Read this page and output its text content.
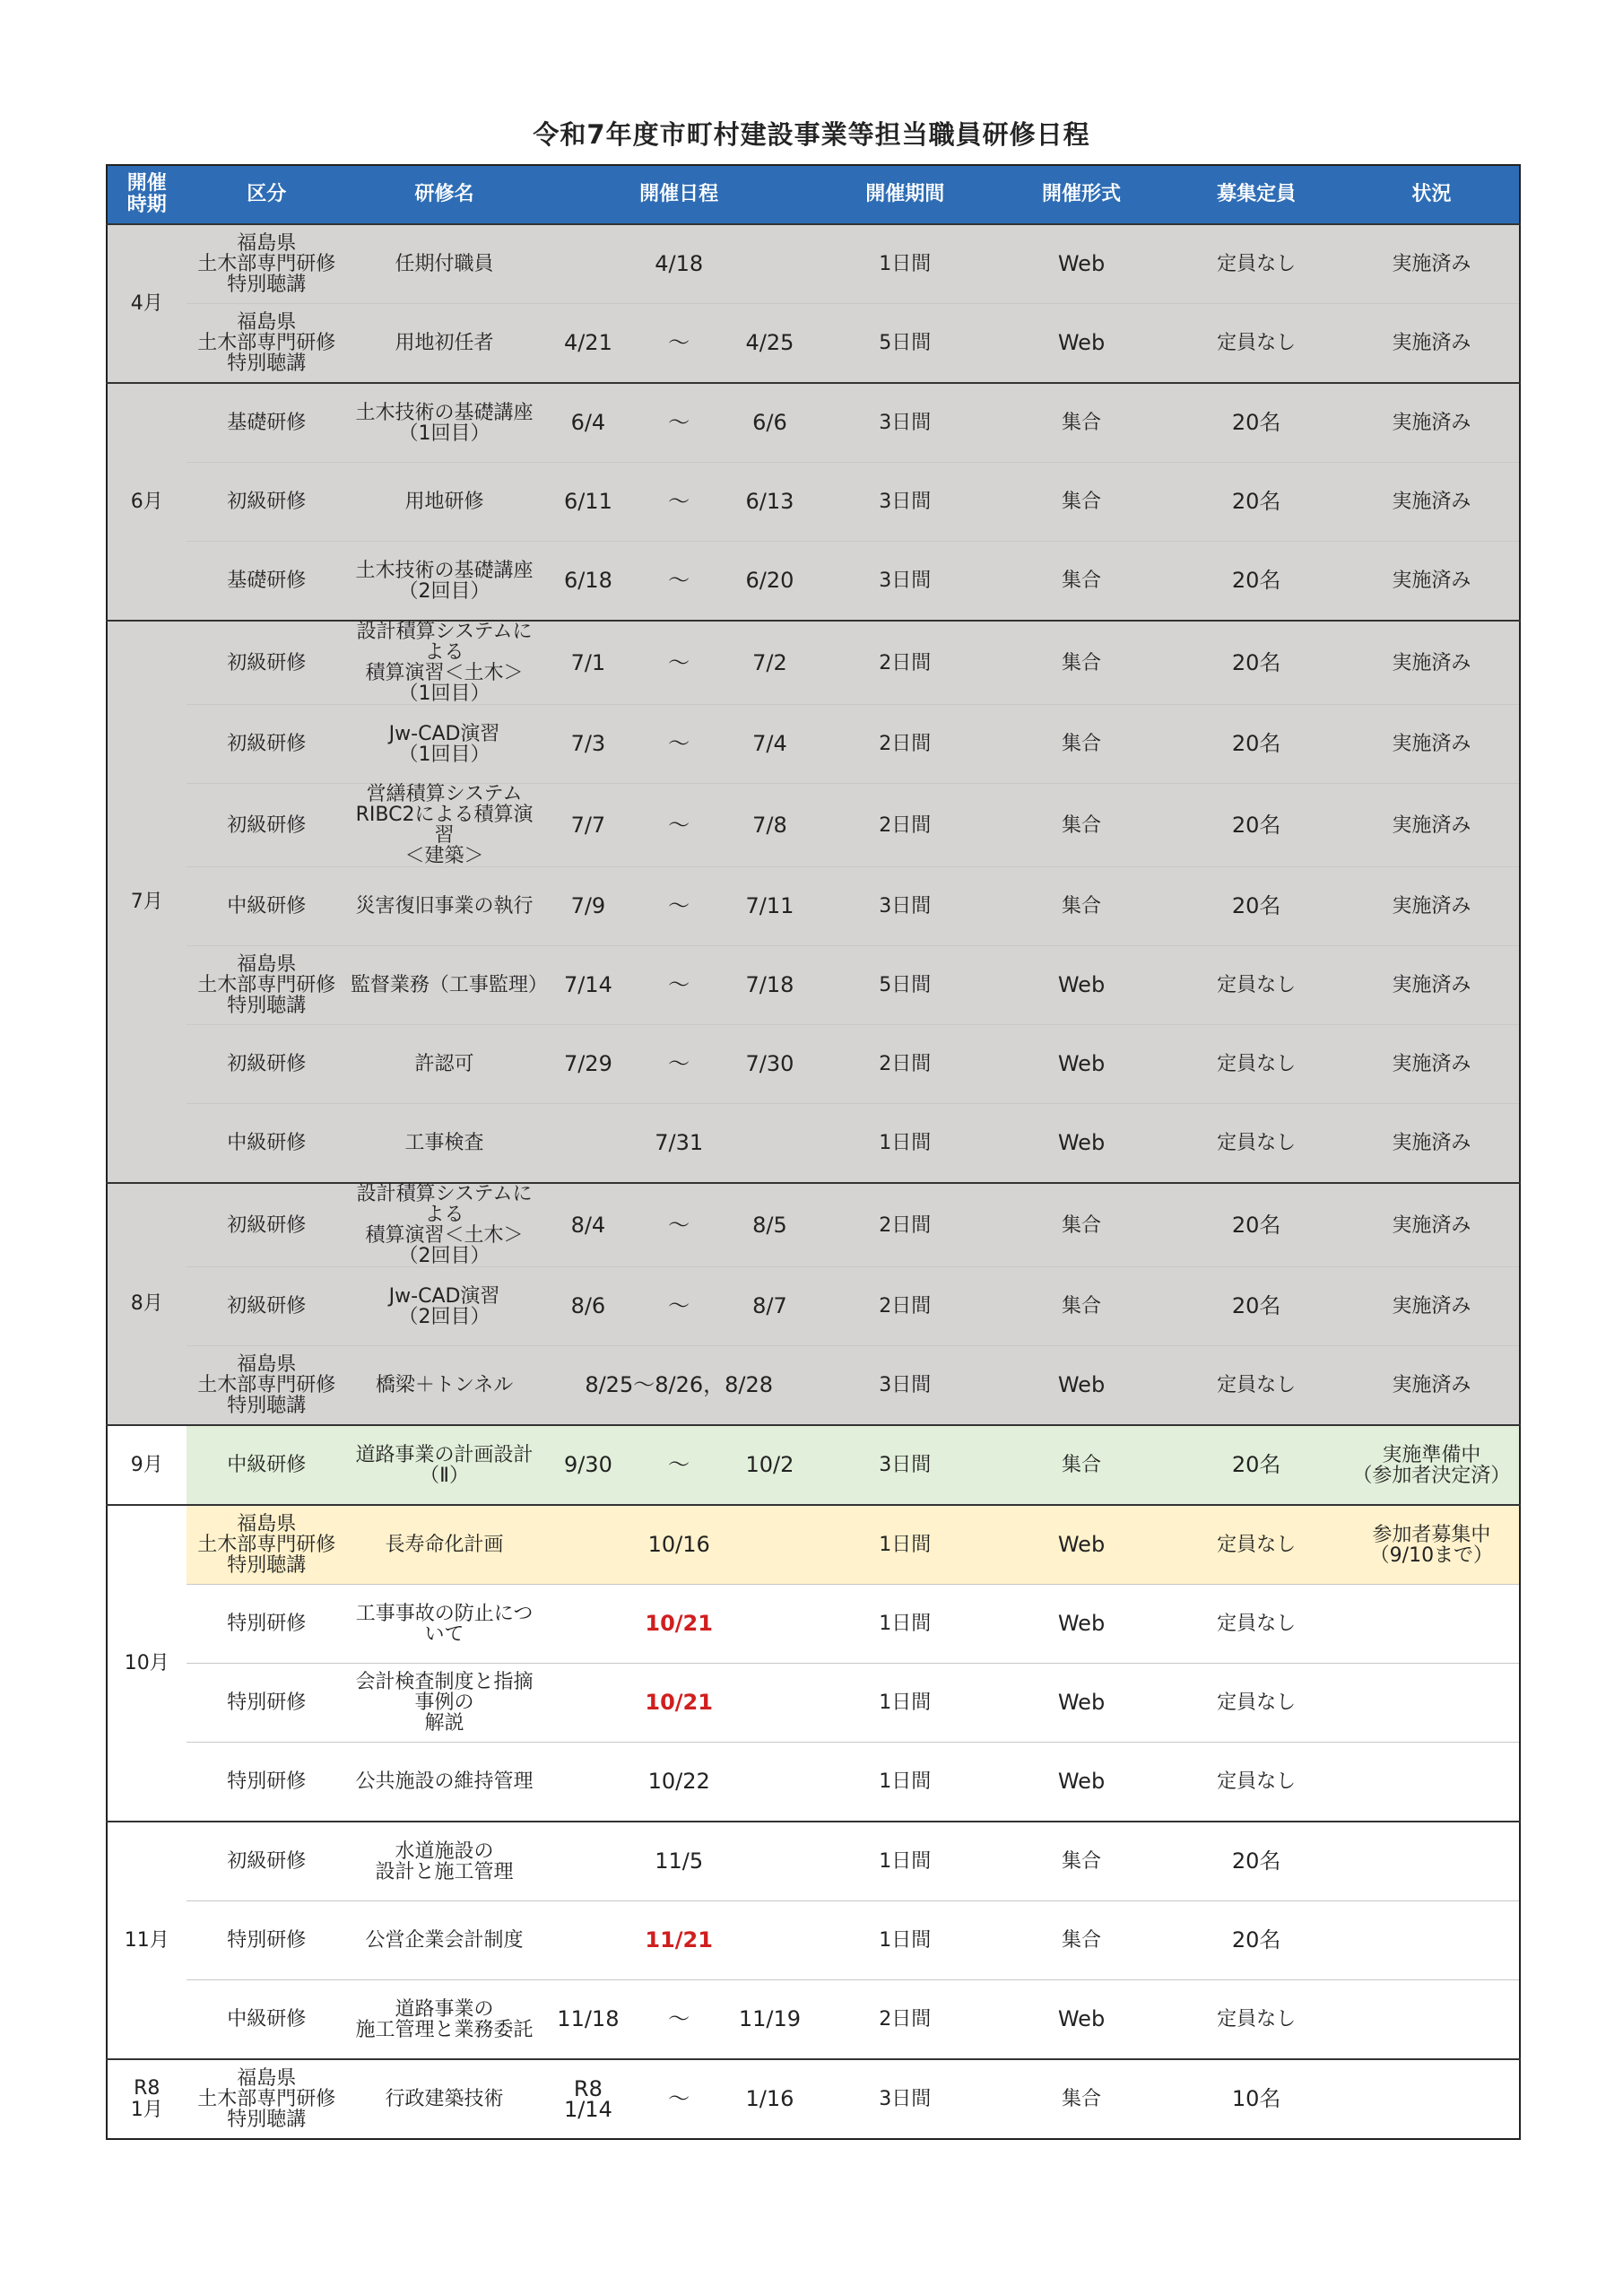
令和7年度市町村建設事業等担当職員研修日程
開催
時期	区分	研修名	開催日程			開催期間	開催形式	募集定員	状況
4月	福島県
土木部専門研修
特別聴講	任期付職員	4/18			1日間	Web	定員なし	実施済み
	福島県
土木部専門研修
特別聴講	用地初任者	4/21	～	4/25	5日間	Web	定員なし	実施済み
6月	基礎研修	土木技術の基礎講座
（1回目）	6/4	～	6/6	3日間	集合	20名	実施済み
	初級研修	用地研修	6/11	～	6/13	3日間	集合	20名	実施済み
	基礎研修	土木技術の基礎講座
（2回目）	6/18	～	6/20	3日間	集合	20名	実施済み
7月	初級研修	設計積算システムによる
積算演習＜土木＞
（1回目）	7/1	～	7/2	2日間	集合	20名	実施済み
	初級研修	Jw-CAD演習
（1回目）	7/3	～	7/4	2日間	集合	20名	実施済み
	初級研修	営繕積算システム
RIBC2による積算演習
＜建築＞	7/7	～	7/8	2日間	集合	20名	実施済み
	中級研修	災害復旧事業の執行	7/9	～	7/11	3日間	集合	20名	実施済み
	福島県
土木部専門研修
特別聴講	監督業務（工事監理）	7/14	～	7/18	5日間	Web	定員なし	実施済み
	初級研修	許認可	7/29	～	7/30	2日間	Web	定員なし	実施済み
	中級研修	工事検査	7/31			1日間	Web	定員なし	実施済み
8月	初級研修	設計積算システムによる
積算演習＜土木＞
（2回目）	8/4	～	8/5	2日間	集合	20名	実施済み
	初級研修	Jw-CAD演習
（2回目）	8/6	～	8/7	2日間	集合	20名	実施済み
	福島県
土木部専門研修
特別聴講	橋梁＋トンネル	8/25～8/26，8/28			3日間	Web	定員なし	実施済み
9月	中級研修	道路事業の計画設計（Ⅱ）	9/30	～	10/2	3日間	集合	20名	実施準備中
（参加者決定済）
10月	福島県
土木部専門研修
特別聴講	長寿命化計画	10/16			1日間	Web	定員なし	参加者募集中
（9/10まで）
	特別研修	工事事故の防止について	10/21			1日間	Web	定員なし	
	特別研修	会計検査制度と指摘事例の
解説	10/21			1日間	Web	定員なし	
	特別研修	公共施設の維持管理	10/22			1日間	Web	定員なし	
11月	初級研修	水道施設の
設計と施工管理	11/5			1日間	集合	20名	
	特別研修	公営企業会計制度	11/21			1日間	集合	20名	
	中級研修	道路事業の
施工管理と業務委託	11/18	～	11/19	2日間	Web	定員なし	
R8
1月	福島県
土木部専門研修
特別聴講	行政建築技術	R8
1/14	～	1/16	3日間	集合	10名	
